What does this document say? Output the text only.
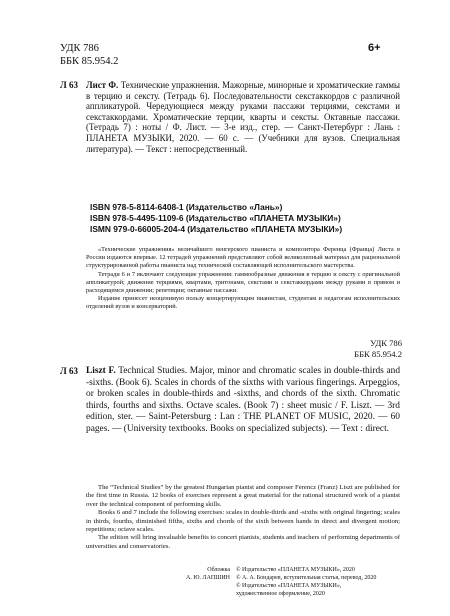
УДК 786
ББК 85.954.2
6+
Л 63 Лист Ф. Технические упражнения. Мажорные, минорные и хроматические гаммы в терцию и сексту. (Тетрадь 6). Последовательности секстаккордов с различной аппликатурой. Чередующиеся между руками пассажи терциями, секстами и секстаккордами. Хроматические терции, кварты и сексты. Октавные пассажи. (Тетрадь 7) : ноты / Ф. Лист. — 3-е изд., стер. — Санкт-Петербург : Лань : ПЛАНЕТА МУЗЫКИ, 2020. — 60 с. — (Учебники для вузов. Специальная литература). — Текст : непосредственный.
ISBN 978-5-8114-6408-1 (Издательство «Лань»)
ISBN 978-5-4495-1109-6 (Издательство «ПЛАНЕТА МУЗЫКИ»)
ISMN 979-0-66005-204-4 (Издательство «ПЛАНЕТА МУЗЫКИ»)

«Технические упражнения» величайшего венгерского пианиста и композитора Ференца (Франца) Листа в России издаются впервые. 12 тетрадей упражнений представляют собой великолепный материал для рациональной структурированной работы пианиста над технической составляющей исполнительского мастерства.

Тетради 6 и 7 включают следующие упражнения: гаммообразные движения в терцию и сексту с оригинальной аппликатурой; движение терциями, квартами, тритонами, секстами и секстаккордами между руками в прямом и расходящемся движении; репетиции; октавные пассажи.

Издание принесет неоценимую пользу концертирующим пианистам, студентам и педагогам исполнительских отделений вузов и консерваторий.

УДК 786
ББК 85.954.2
Л 63 Liszt F. Technical Studies. Major, minor and chromatic scales in double-thirds and -sixths. (Book 6). Scales in chords of the sixths with various fingerings. Arpeggios, or broken scales in double-thirds and -sixths, and chords of the sixth. Chromatic thirds, fourths and sixths. Octave scales. (Book 7) : sheet music / F. Liszt. — 3rd edition, ster. — Saint-Petersburg : Lan : THE PLANET OF MUSIC, 2020. — 60 pages. — (University textbooks. Books on specialized subjects). — Text : direct.

The “Technical Studies” by the greatest Hungarian pianist and composer Ferencz (Franz) Liszt are published for the first time in Russia. 12 books of exercises represent a great material for the rational structured work of a pianist over the technical component of performing skills.

Books 6 and 7 include the following exercises: scales in double-thirds and -sixths with original fingering; scales in thirds, fourths, diminished fifths, sixths and chords of the sixth between hands in direct and divergent motion; repetitions; octave scales.

The edition will bring invaluable benefits to concert pianists, students and teachers of performing departments of universities and conservatories.

Обложка
А. Ю. ЛАПШИН
© Издательство «ПЛАНЕТА МУЗЫКИ», 2020
© А. А. Бондарев, вступительная статья, перевод, 2020
© Издательство «ПЛАНЕТА МУЗЫКИ»,
художественное оформление, 2020
